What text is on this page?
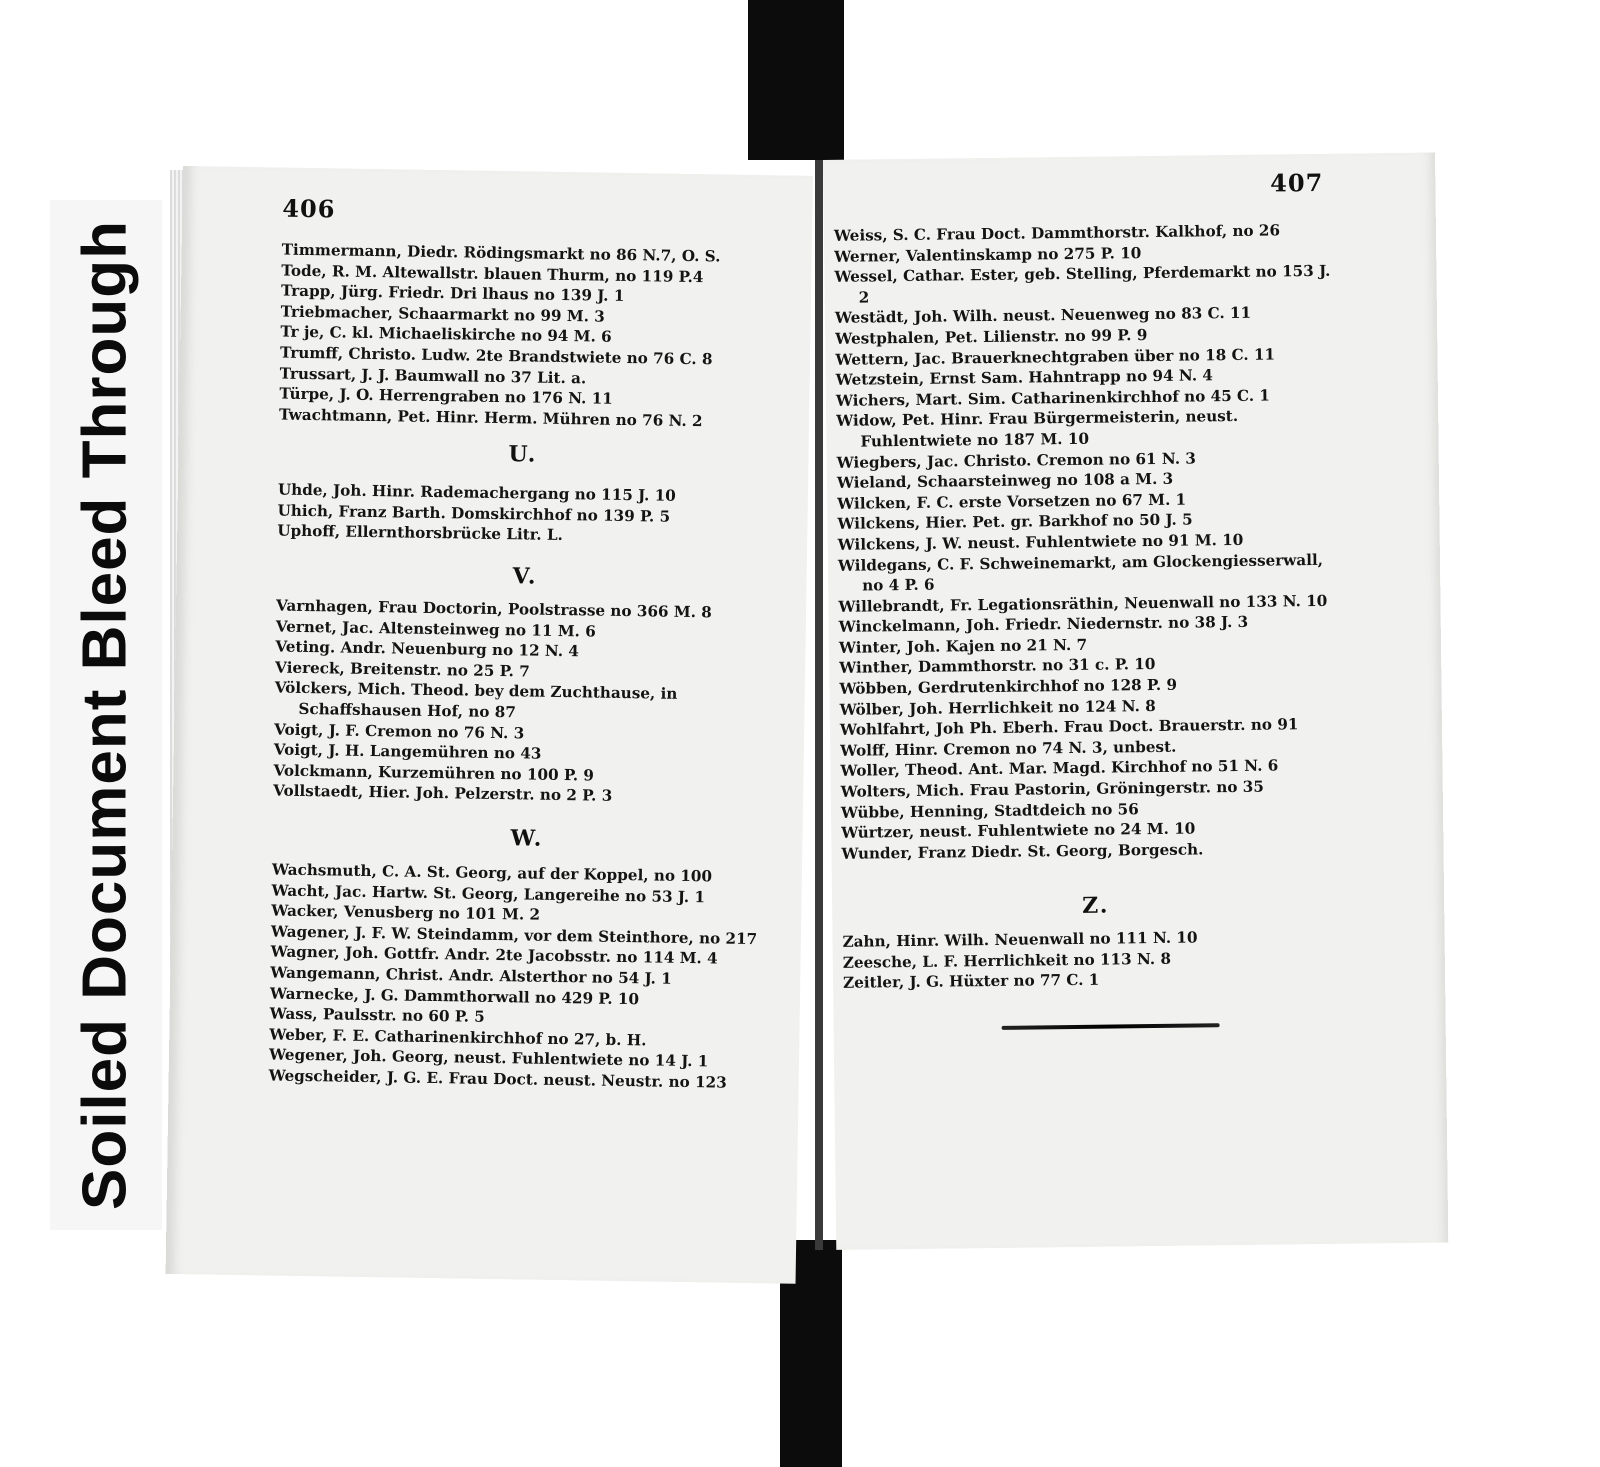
Soiled Document Bleed Through
406
Timmermann, Diedr. Rödingsmarkt no 86 N.7, O. S.
Tode, R. M. Altewallstr. blauen Thurm, no 119 P.4
Trapp, Jürg. Friedr. Dri lhaus no 139 J. 1
Triebmacher, Schaarmarkt no 99 M. 3
Tr je, C. kl. Michaeliskirche no 94 M. 6
Trumff, Christo. Ludw. 2te Brandstwiete no 76 C. 8
Trussart, J. J. Baumwall no 37 Lit. a.
Türpe, J. O. Herrengraben no 176 N. 11
Twachtmann, Pet. Hinr. Herm. Mühren no 76 N. 2
U.
Uhde, Joh. Hinr. Rademachergang no 115 J. 10
Uhich, Franz Barth. Domskirchhof no 139 P. 5
Uphoff, Ellernthorsbrücke Litr. L.
V.
Varnhagen, Frau Doctorin, Poolstrasse no 366 M. 8
Vernet, Jac. Altensteinweg no 11 M. 6
Veting. Andr. Neuenburg no 12 N. 4
Viereck, Breitenstr. no 25 P. 7
Völckers, Mich. Theod. bey dem Zuchthause, in Schaffshausen Hof, no 87
Voigt, J. F. Cremon no 76 N. 3
Voigt, J. H. Langemühren no 43
Volckmann, Kurzemühren no 100 P. 9
Vollstaedt, Hier. Joh. Pelzerstr. no 2 P. 3
W.
Wachsmuth, C. A. St. Georg, auf der Koppel, no 100
Wacht, Jac. Hartw. St. Georg, Langereihe no 53 J. 1
Wacker, Venusberg no 101 M. 2
Wagener, J. F. W. Steindamm, vor dem Steinthore, no 217
Wagner, Joh. Gottfr. Andr. 2te Jacobsstr. no 114 M. 4
Wangemann, Christ. Andr. Alsterthor no 54 J. 1
Warnecke, J. G. Dammthorwall no 429 P. 10
Wass, Paulsstr. no 60 P. 5
Weber, F. E. Catharinenkirchhof no 27, b. H.
Wegener, Joh. Georg, neust. Fuhlentwiete no 14 J. 1
Wegscheider, J. G. E. Frau Doct. neust. Neustr. no 123
407
Weiss, S. C. Frau Doct. Dammthorstr. Kalkhof, no 26
Werner, Valentinskamp no 275 P. 10
Wessel, Cathar. Ester, geb. Stelling, Pferdemarkt no 153 J. 2
Westädt, Joh. Wilh. neust. Neuenweg no 83 C. 11
Westphalen, Pet. Lilienstr. no 99 P. 9
Wettern, Jac. Brauerknechtgraben über no 18 C. 11
Wetzstein, Ernst Sam. Hahntrapp no 94 N. 4
Wichers, Mart. Sim. Catharinenkirchhof no 45 C. 1
Widow, Pet. Hinr. Frau Bürgermeisterin, neust. Fuhlentwiete no 187 M. 10
Wiegbers, Jac. Christo. Cremon no 61 N. 3
Wieland, Schaarsteinweg no 108 a M. 3
Wilcken, F. C. erste Vorsetzen no 67 M. 1
Wilckens, Hier. Pet. gr. Barkhof no 50 J. 5
Wilckens, J. W. neust. Fuhlentwiete no 91 M. 10
Wildegans, C. F. Schweinemarkt, am Glockengiesserwall, no 4 P. 6
Willebrandt, Fr. Legationsräthin, Neuenwall no 133 N. 10
Winckelmann, Joh. Friedr. Niedernstr. no 38 J. 3
Winter, Joh. Kajen no 21 N. 7
Winther, Dammthorstr. no 31 c. P. 10
Wöbben, Gerdrutenkirchhof no 128 P. 9
Wölber, Joh. Herrlichkeit no 124 N. 8
Wohlfahrt, Joh Ph. Eberh. Frau Doct. Brauerstr. no 91
Wolff, Hinr. Cremon no 74 N. 3, unbest.
Woller, Theod. Ant. Mar. Magd. Kirchhof no 51 N. 6
Wolters, Mich. Frau Pastorin, Gröningerstr. no 35
Wübbe, Henning, Stadtdeich no 56
Würtzer, neust. Fuhlentwiete no 24 M. 10
Wunder, Franz Diedr. St. Georg, Borgesch.
Z.
Zahn, Hinr. Wilh. Neuenwall no 111 N. 10
Zeesche, L. F. Herrlichkeit no 113 N. 8
Zeitler, J. G. Hüxter no 77 C. 1
